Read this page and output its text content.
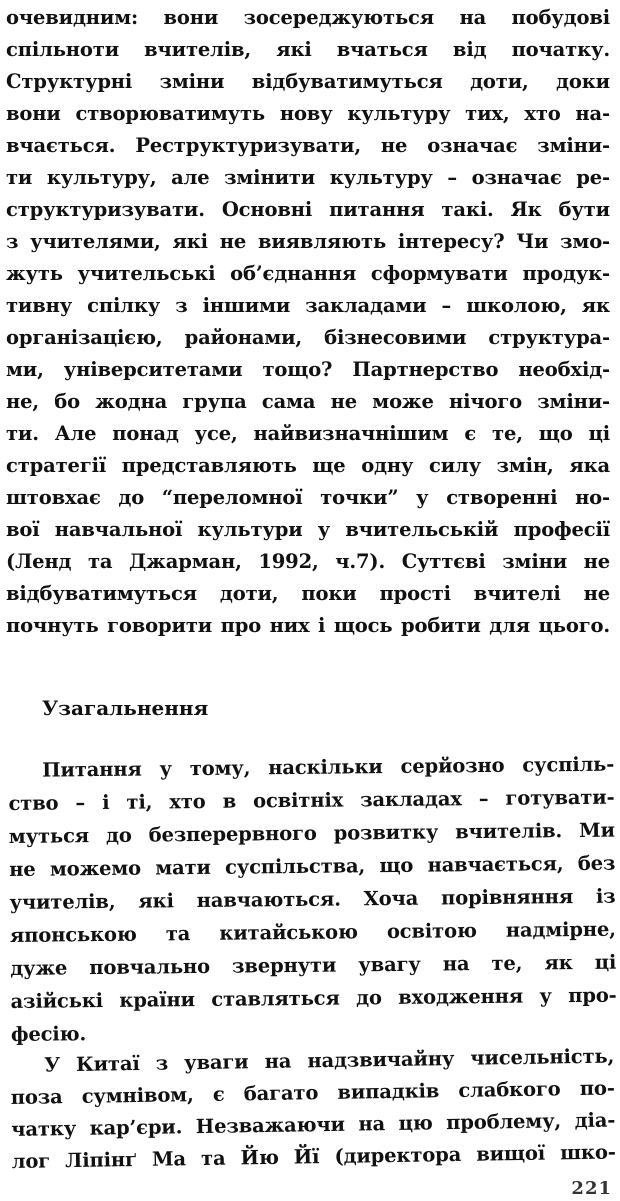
очевидним: вони зосереджуються на побудові
спільноти вчителів, які вчаться від початку.
Структурні зміни відбуватимуться доти, доки
вони створюватимуть нову культуру тих, хто на-
вчається. Реструктуризувати, не означає зміни-
ти культуру, але змінити культуру – означає ре-
структуризувати. Основні питання такі. Як бути
з учителями, які не виявляють інтересу? Чи змо-
жуть учительські об’єднання сформувати продук-
тивну спілку з іншими закладами – школою, як
організацією, районами, бізнесовими структура-
ми, університетами тощо? Партнерство необхід-
не, бо жодна група сама не може нічого зміни-
ти. Але понад усе, найвизначнішим є те, що ці
стратегії представляють ще одну силу змін, яка
штовхає до “переломної точки” у створенні но-
вої навчальної культури у вчительській професії
(Ленд та Джарман, 1992, ч.7). Суттєві зміни не
відбуватимуться доти, поки прості вчителі не
почнуть говорити про них і щось робити для цього.
Узагальнення
Питання у тому, наскільки серйозно суспіль-
ство – і ті, хто в освітніх закладах – готувати-
муться до безперервного розвитку вчителів. Ми
не можемо мати суспільства, що навчається, без
учителів, які навчаються. Хоча порівняння із
японською та китайською освітою надмірне,
дуже повчально звернути увагу на те, як ці
азійські країни ставляться до входження у про-
фесію.
У Китаї з уваги на надзвичайну чисельність,
поза сумнівом, є багато випадків слабкого по-
чатку кар’єри. Незважаючи на цю проблему, діа-
лог Ліпінґ Ма та Йю Йї (директора вищої шко-
221
